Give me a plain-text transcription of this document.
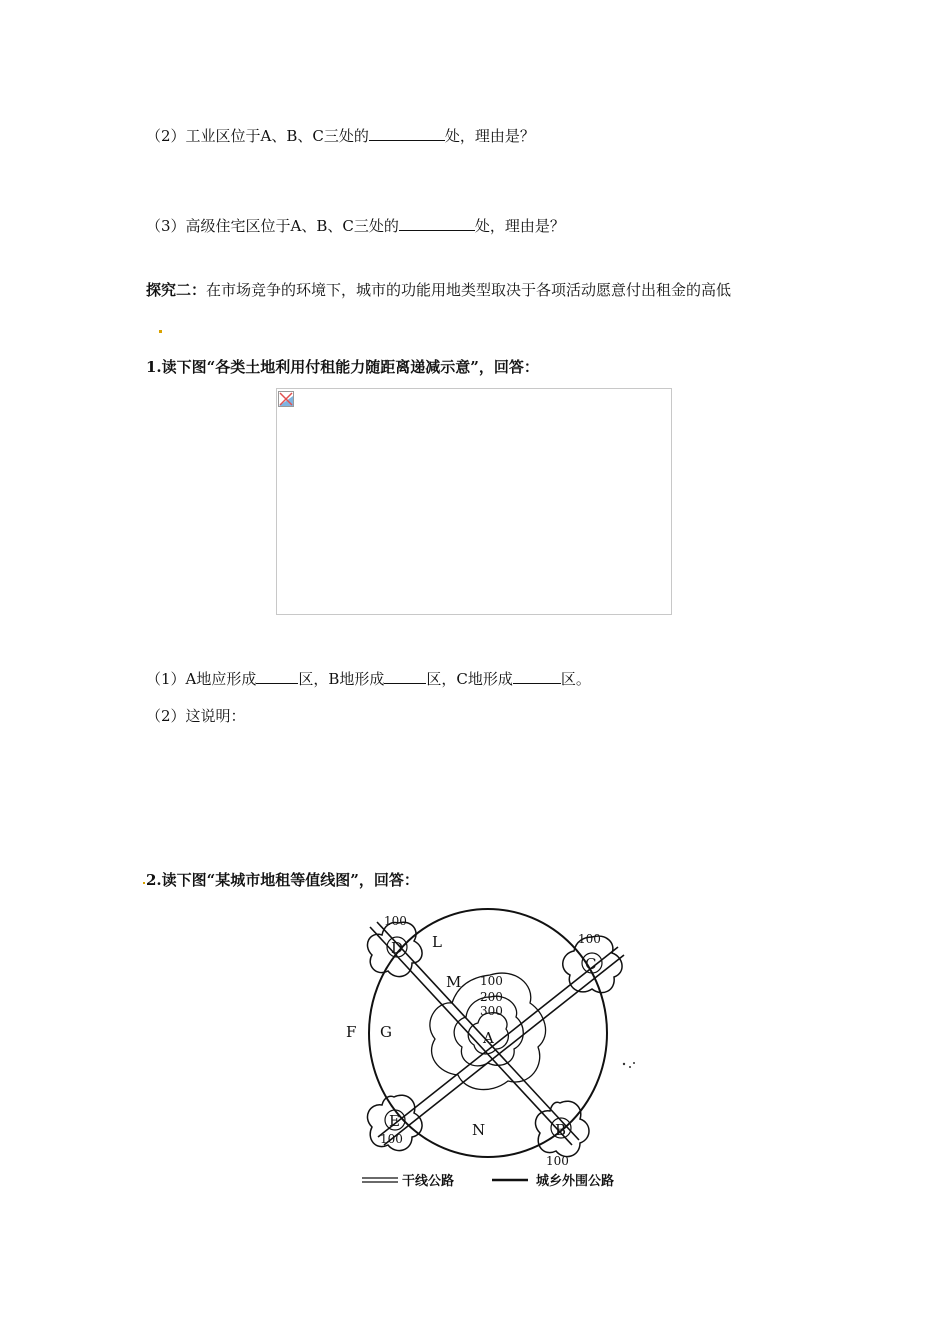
（2）工业区位于A、B、C三处的	处，理由是？
（3）高级住宅区位于A、B、C三处的	处，理由是？
探究二：在市场竞争的环境下，城市的功能用地类型取决于各项活动愿意付出租金的高低
1.读下图“各类土地利用付租能力随距离递减示意”，回答：
（1）A地应形成	区，B地形成	区，C地形成	区。
（2）这说明：
2.读下图“某城市地租等值线图”，回答：
A
B
C
D
E
F G
L
M
N
100
200
300
100
100
100
100
干线公路	城乡外围公路
